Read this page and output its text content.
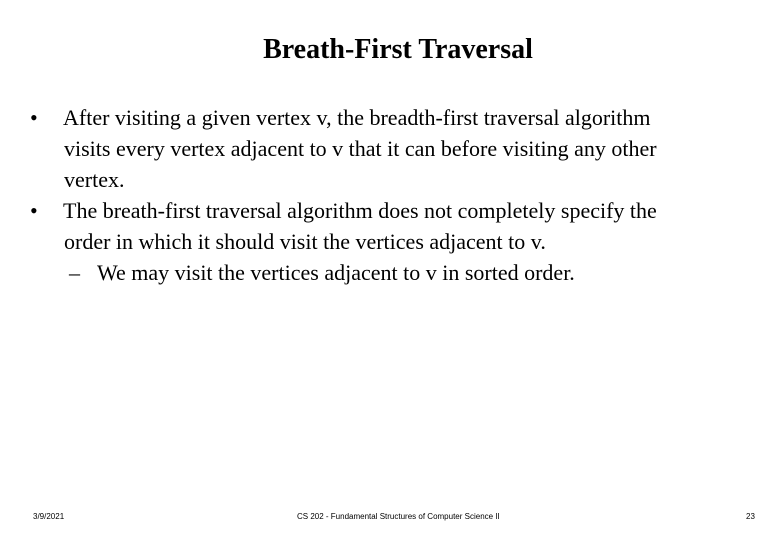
Breath-First Traversal
•	After visiting a given vertex v, the breadth-first traversal algorithm
visits every vertex adjacent to v that it can before visiting any other
vertex.
•	The breath-first traversal algorithm does not completely specify the
order in which it should visit the vertices adjacent to v.
– We may visit the vertices adjacent to v in sorted order.
3/9/2021	CS 202 - Fundamental Structures of Computer Science II	23
